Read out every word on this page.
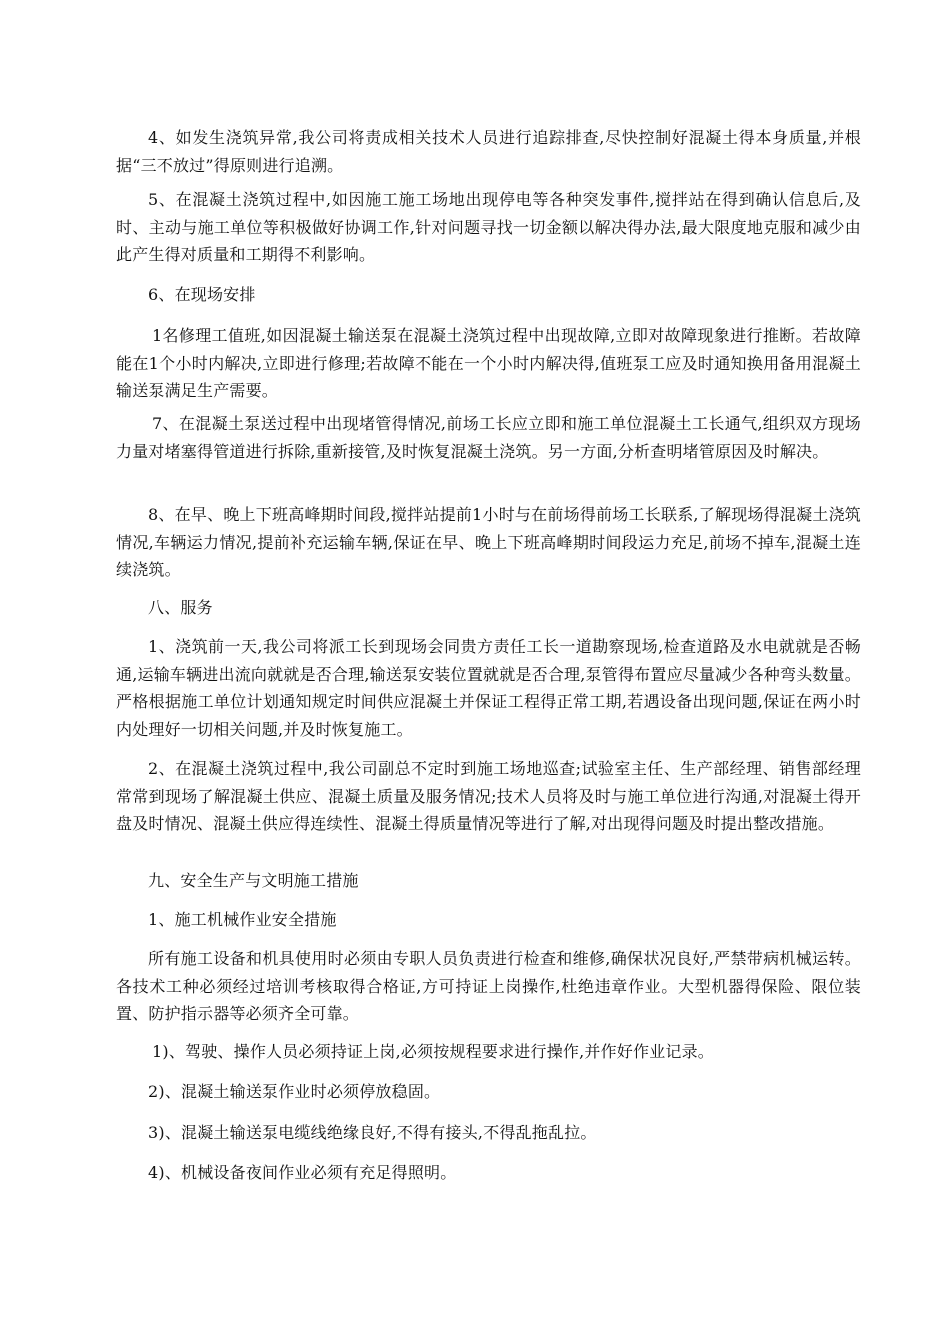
4、如发生浇筑异常,我公司将责成相关技术人员进行追踪排查,尽快控制好混凝土得本身质量,并根据“三不放过”得原则进行追溯。

5、在混凝土浇筑过程中,如因施工施工场地出现停电等各种突发事件,搅拌站在得到确认信息后,及时、主动与施工单位等积极做好协调工作,针对问题寻找一切金额以解决得办法,最大限度地克服和减少由此产生得对质量和工期得不利影响。

6、在现场安排

1名修理工值班,如因混凝土输送泵在混凝土浇筑过程中出现故障,立即对故障现象进行推断。若故障能在1个小时内解决,立即进行修理;若故障不能在一个小时内解决得,值班泵工应及时通知换用备用混凝土输送泵满足生产需要。

7、在混凝土泵送过程中出现堵管得情况,前场工长应立即和施工单位混凝土工长通气,组织双方现场力量对堵塞得管道进行拆除,重新接管,及时恢复混凝土浇筑。另一方面,分析查明堵管原因及时解决。

8、在早、晚上下班高峰期时间段,搅拌站提前1小时与在前场得前场工长联系,了解现场得混凝土浇筑情况,车辆运力情况,提前补充运输车辆,保证在早、晚上下班高峰期时间段运力充足,前场不掉车,混凝土连续浇筑。

八、服务

1、浇筑前一天,我公司将派工长到现场会同贵方责任工长一道勘察现场,检查道路及水电就就是否畅通,运输车辆进出流向就就是否合理,输送泵安装位置就就是否合理,泵管得布置应尽量减少各种弯头数量。严格根据施工单位计划通知规定时间供应混凝土并保证工程得正常工期,若遇设备出现问题,保证在两小时内处理好一切相关问题,并及时恢复施工。

2、在混凝土浇筑过程中,我公司副总不定时到施工场地巡查;试验室主任、生产部经理、销售部经理常常到现场了解混凝土供应、混凝土质量及服务情况;技术人员将及时与施工单位进行沟通,对混凝土得开盘及时情况、混凝土供应得连续性、混凝土得质量情况等进行了解,对出现得问题及时提出整改措施。

九、安全生产与文明施工措施

1、施工机械作业安全措施

所有施工设备和机具使用时必须由专职人员负责进行检查和维修,确保状况良好,严禁带病机械运转。各技术工种必须经过培训考核取得合格证,方可持证上岗操作,杜绝违章作业。大型机器得保险、限位装置、防护指示器等必须齐全可靠。

1)、驾驶、操作人员必须持证上岗,必须按规程要求进行操作,并作好作业记录。

2)、混凝土输送泵作业时必须停放稳固。

3)、混凝土输送泵电缆线绝缘良好,不得有接头,不得乱拖乱拉。

4)、机械设备夜间作业必须有充足得照明。
